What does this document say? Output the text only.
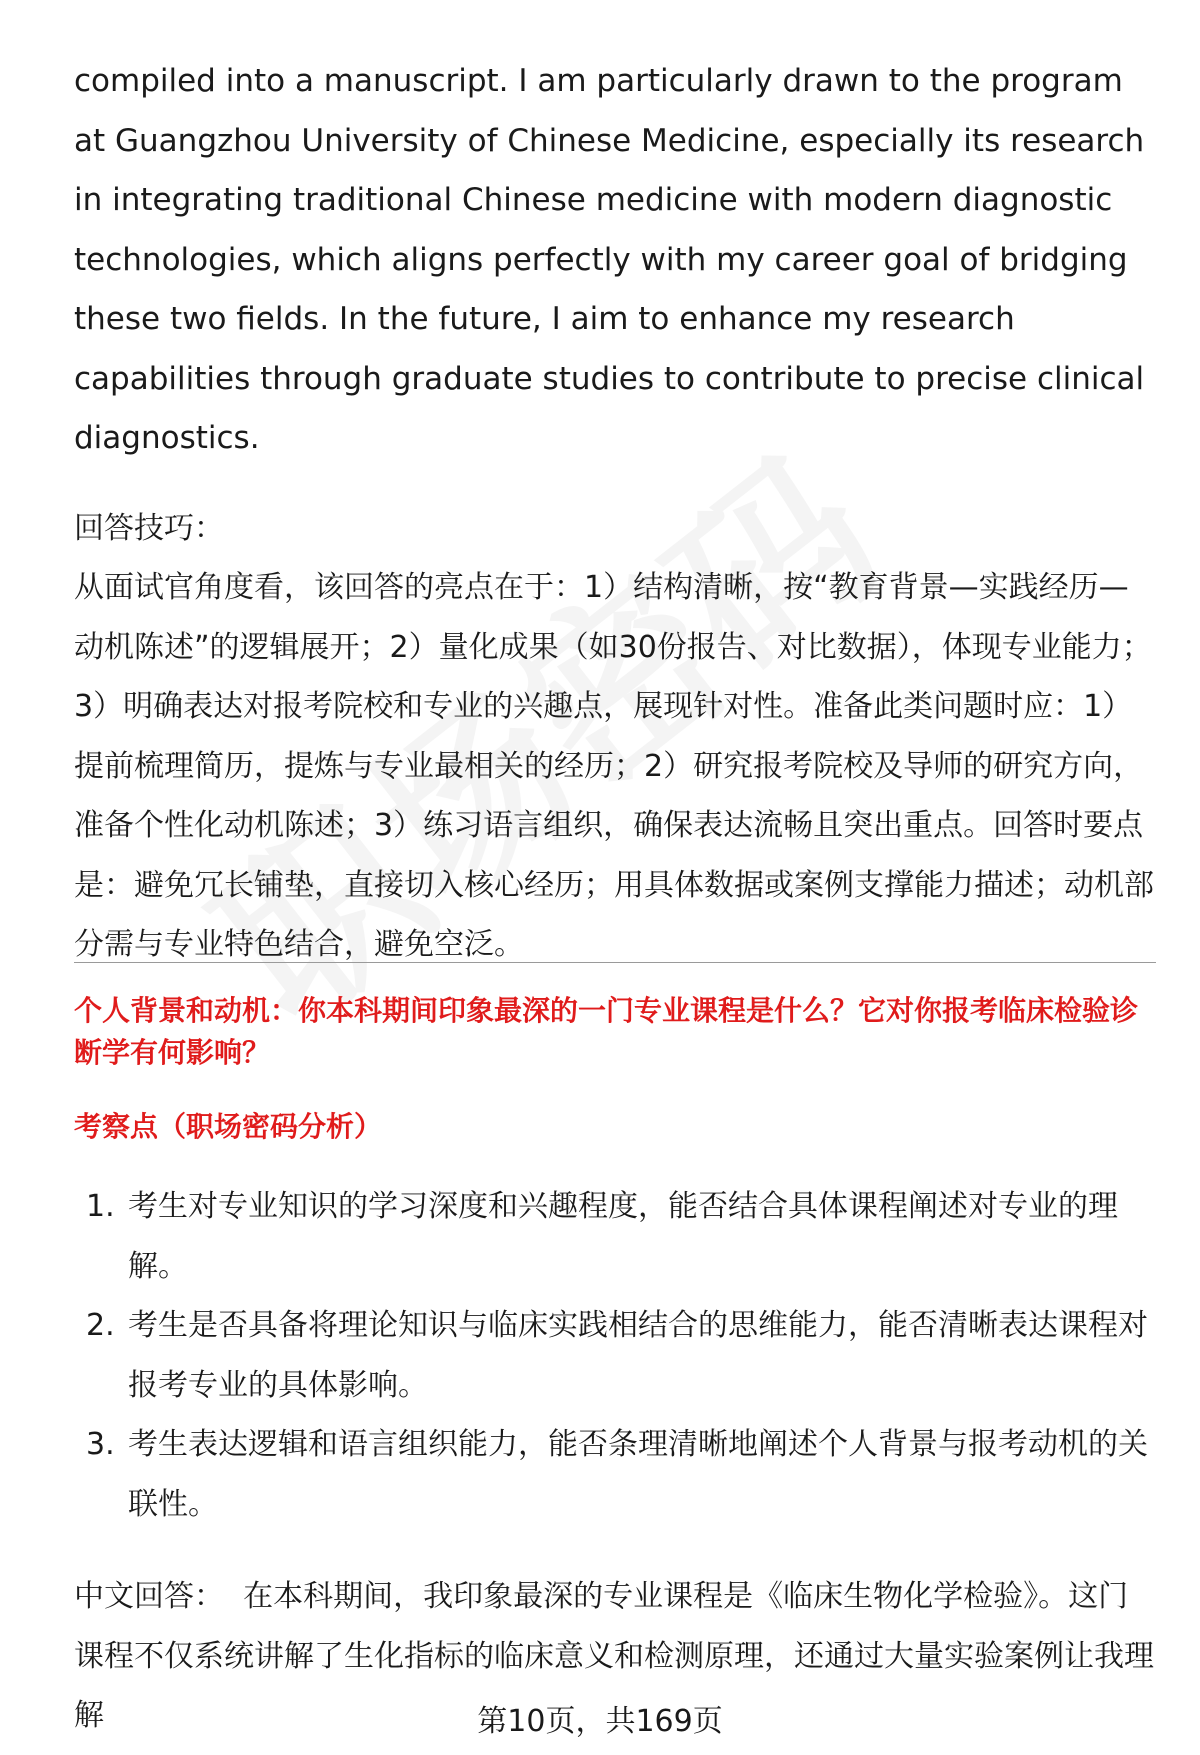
compiled into a manuscript. I am particularly drawn to the program at Guangzhou University of Chinese Medicine, especially its research in integrating traditional Chinese medicine with modern diagnostic technologies, which aligns perfectly with my career goal of bridging these two fields. In the future, I aim to enhance my research capabilities through graduate studies to contribute to precise clinical diagnostics.

回答技巧：

从面试官角度看，该回答的亮点在于：1）结构清晰，按“教育背景—实践经历—动机陈述”的逻辑展开；2）量化成果（如30份报告、对比数据），体现专业能力；3）明确表达对报考院校和专业的兴趣点，展现针对性。准备此类问题时应：1）提前梳理简历，提炼与专业最相关的经历；2）研究报考院校及导师的研究方向，准备个性化动机陈述；3）练习语言组织，确保表达流畅且突出重点。回答时要点是：避免冗长铺垫，直接切入核心经历；用具体数据或案例支撑能力描述；动机部分需与专业特色结合，避免空泛。

个人背景和动机：你本科期间印象最深的一门专业课程是什么？它对你报考临床检验诊断学有何影响？

考察点（职场密码分析）

1. 考生对专业知识的学习深度和兴趣程度，能否结合具体课程阐述对专业的理解。
2. 考生是否具备将理论知识与临床实践相结合的思维能力，能否清晰表达课程对报考专业的具体影响。
3. 考生表达逻辑和语言组织能力，能否条理清晰地阐述个人背景与报考动机的关联性。

中文回答： 在本科期间，我印象最深的专业课程是《临床生物化学检验》。这门课程不仅系统讲解了生化指标的临床意义和检测原理，还通过大量实验案例让我理解	第10页，共169页
